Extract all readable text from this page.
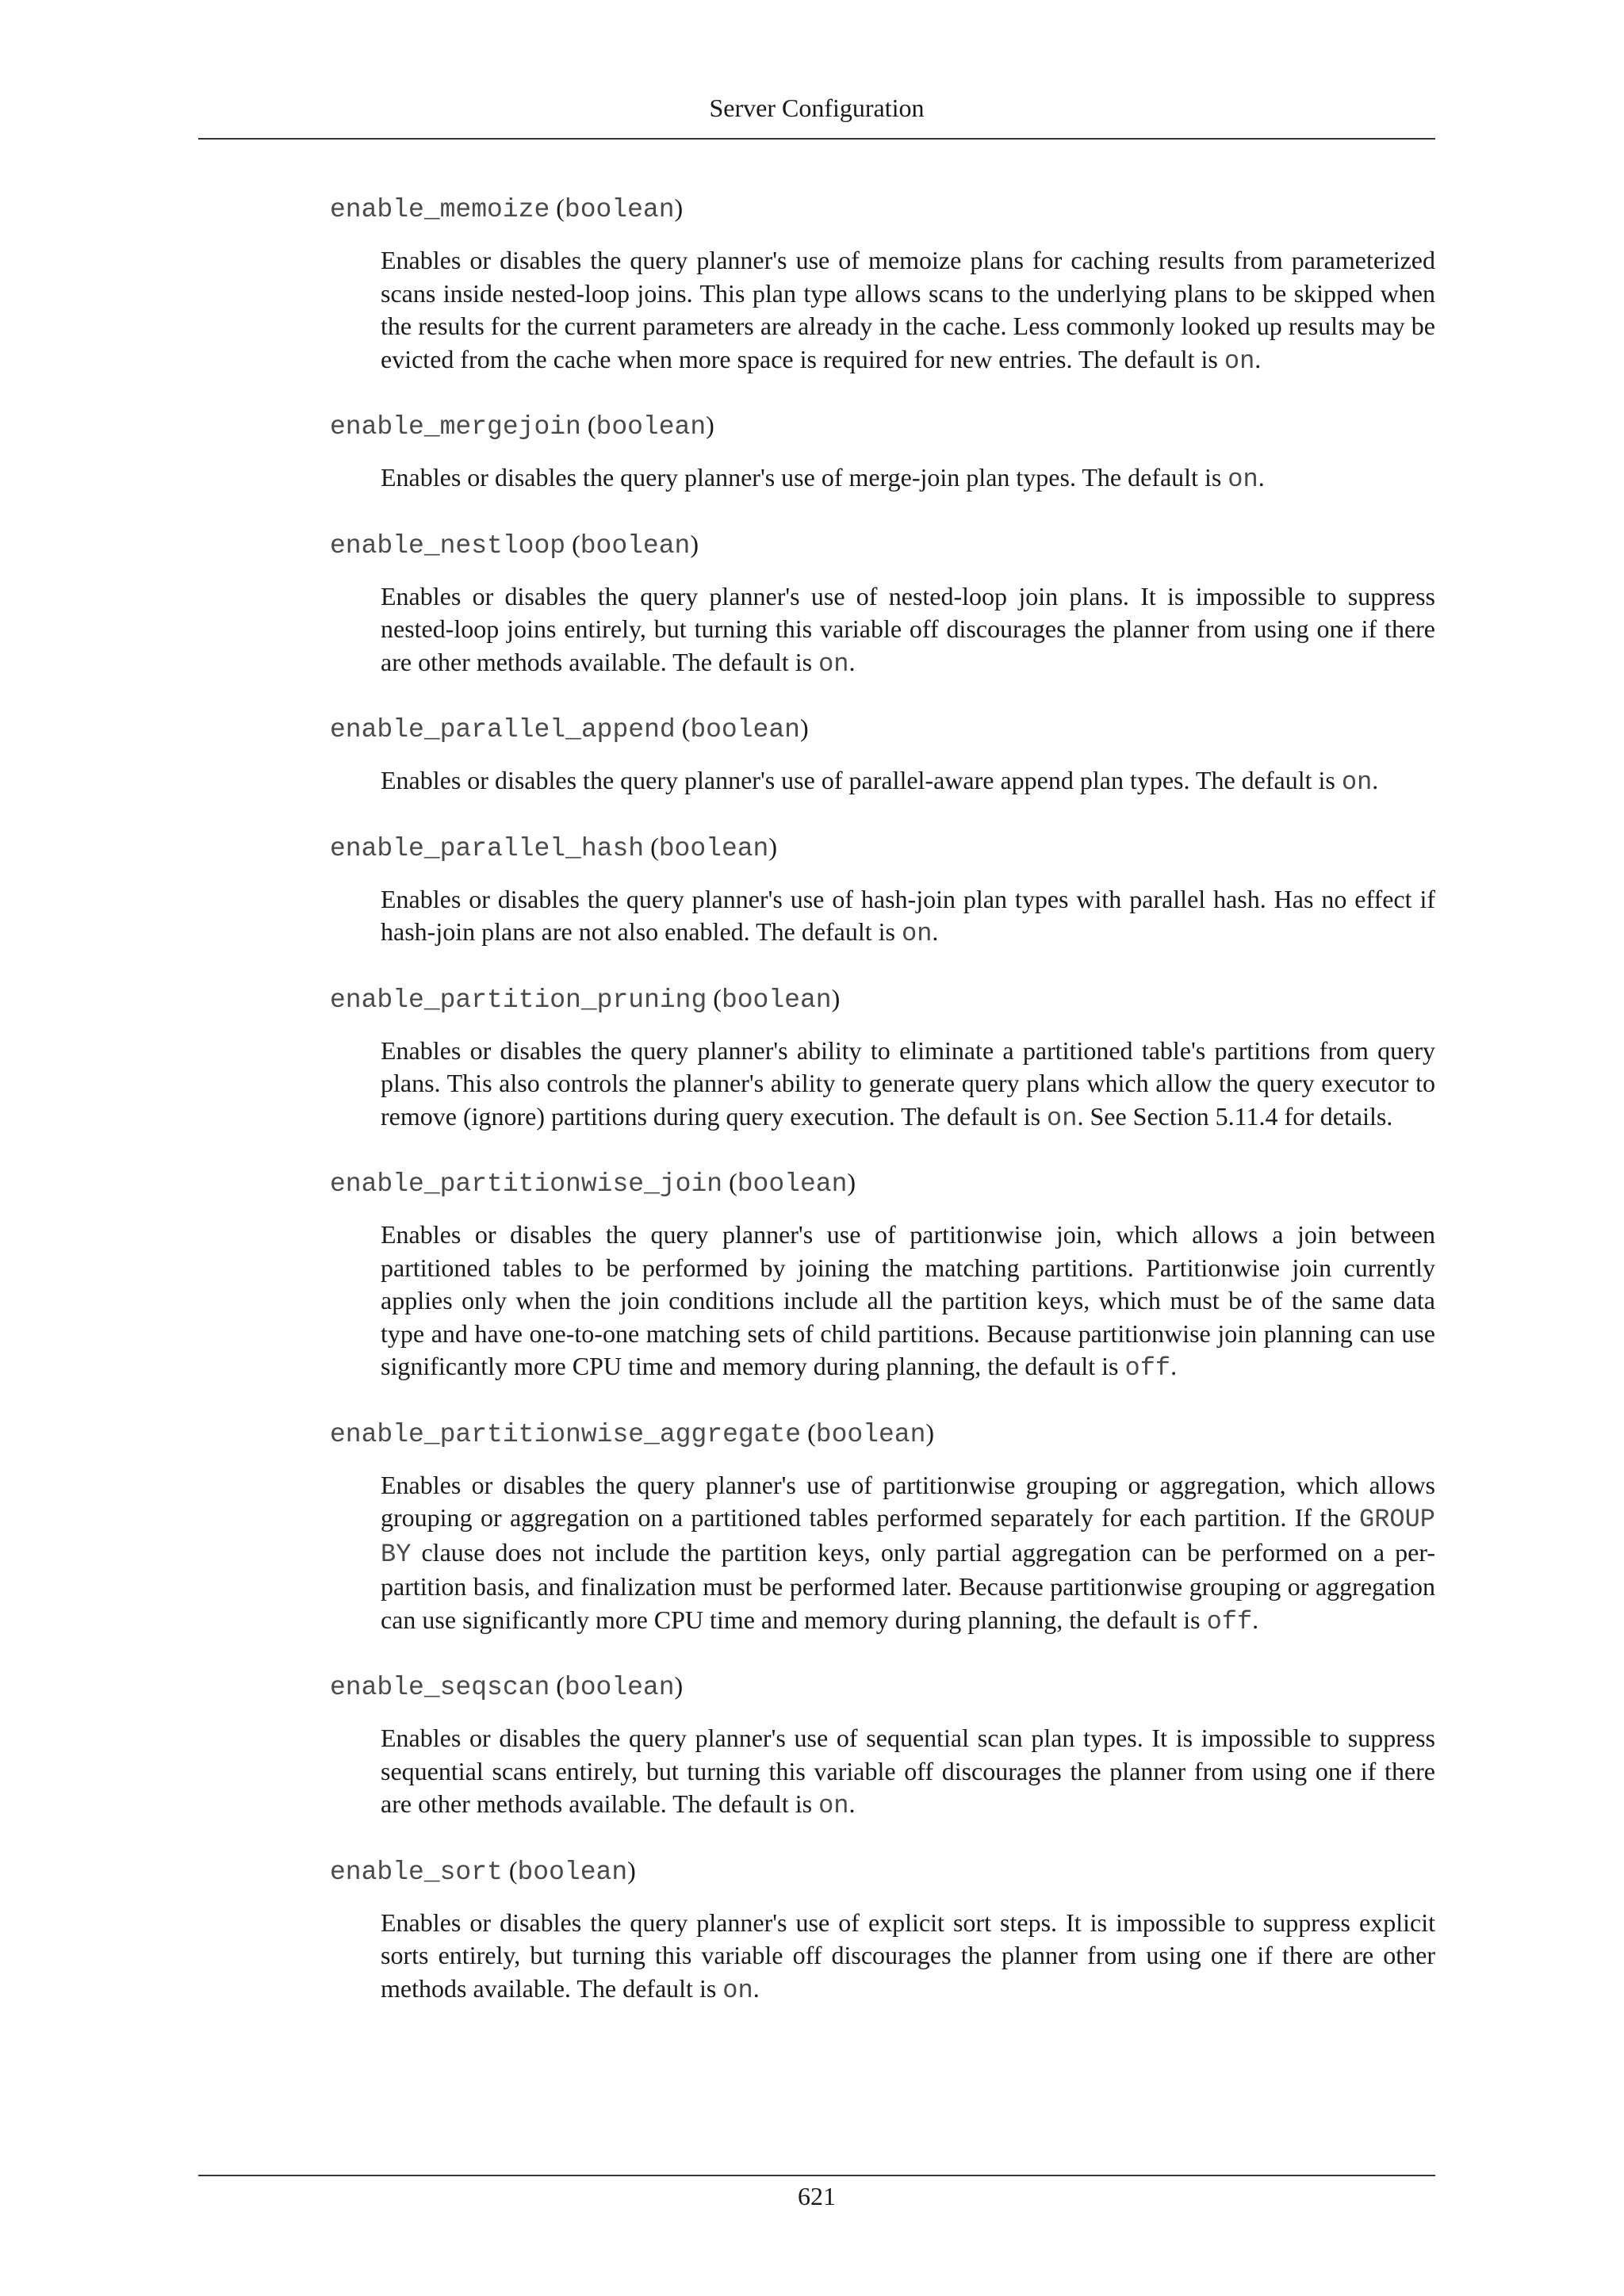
Server Configuration
enable_memoize (boolean)

Enables or disables the query planner's use of memoize plans for caching results from parameterized scans inside nested-loop joins. This plan type allows scans to the underlying plans to be skipped when the results for the current parameters are already in the cache. Less commonly looked up results may be evicted from the cache when more space is required for new entries. The default is on.

enable_mergejoin (boolean)

Enables or disables the query planner's use of merge-join plan types. The default is on.

enable_nestloop (boolean)

Enables or disables the query planner's use of nested-loop join plans. It is impossible to suppress nested-loop joins entirely, but turning this variable off discourages the planner from using one if there are other methods available. The default is on.

enable_parallel_append (boolean)

Enables or disables the query planner's use of parallel-aware append plan types. The default is on.

enable_parallel_hash (boolean)

Enables or disables the query planner's use of hash-join plan types with parallel hash. Has no effect if hash-join plans are not also enabled. The default is on.

enable_partition_pruning (boolean)

Enables or disables the query planner's ability to eliminate a partitioned table's partitions from query plans. This also controls the planner's ability to generate query plans which allow the query executor to remove (ignore) partitions during query execution. The default is on. See Section 5.11.4 for details.

enable_partitionwise_join (boolean)

Enables or disables the query planner's use of partitionwise join, which allows a join between partitioned tables to be performed by joining the matching partitions. Partitionwise join currently applies only when the join conditions include all the partition keys, which must be of the same data type and have one-to-one matching sets of child partitions. Because partitionwise join planning can use significantly more CPU time and memory during planning, the default is off.

enable_partitionwise_aggregate (boolean)

Enables or disables the query planner's use of partitionwise grouping or aggregation, which allows grouping or aggregation on a partitioned tables performed separately for each partition. If the GROUP BY clause does not include the partition keys, only partial aggregation can be performed on a per-partition basis, and finalization must be performed later. Because partitionwise grouping or aggregation can use significantly more CPU time and memory during planning, the default is off.

enable_seqscan (boolean)

Enables or disables the query planner's use of sequential scan plan types. It is impossible to suppress sequential scans entirely, but turning this variable off discourages the planner from using one if there are other methods available. The default is on.

enable_sort (boolean)

Enables or disables the query planner's use of explicit sort steps. It is impossible to suppress explicit sorts entirely, but turning this variable off discourages the planner from using one if there are other methods available. The default is on.

621
